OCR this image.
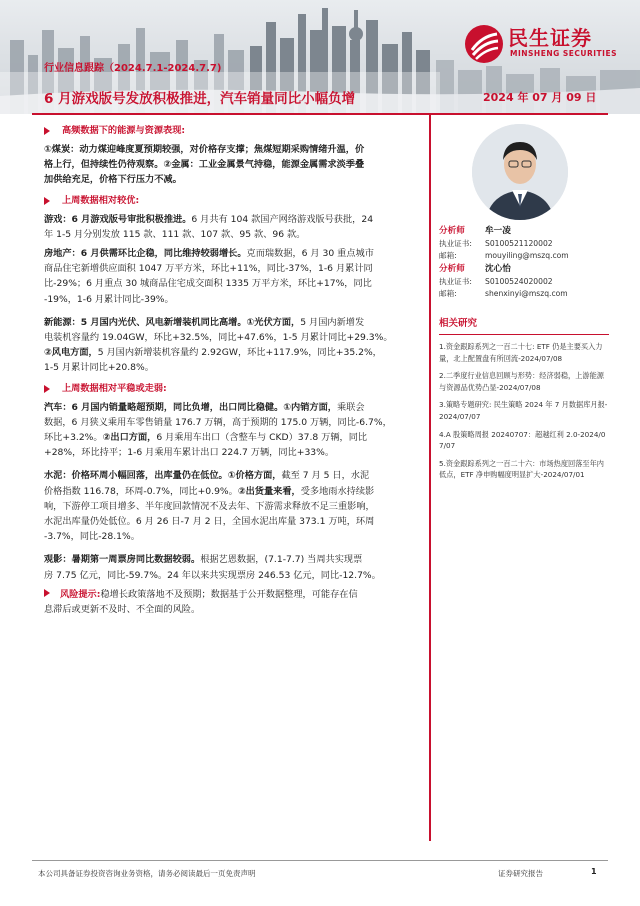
民生证券
MINSHENG SECURITIES
行业信息跟踪（2024.7.1-2024.7.7)
6 月游戏版号发放积极推进，汽车销量同比小幅负增	2024 年 07 月 09 日
高频数据下的能源与资源表现:
①煤炭：动力煤迎峰度夏预期较强，对价格存支撑；焦煤短期采购情绪升温，价
格上行，但持续性仍待观察。②金属：工业金属景气持稳，能源金属需求淡季叠
加供给充足，价格下行压力不减。
上周数据相对较优:
游戏：6 月游戏版号审批积极推进。6 月共有 104 款国产网络游戏版号获批，24
年 1-5 月分别发放 115 款、111 款、107 款、95 款、96 款。
房地产：6 月供需环比企稳，同比维持较弱增长。克而瑞数据，6 月 30 重点城市
商品住宅新增供应面积 1047 万平方米，环比+11%，同比-37%，1-6 月累计同
比-29%；6 月重点 30 城商品住宅成交面积 1335 万平方米，环比+17%，同比
-19%，1-6 月累计同比-39%。
新能源：5 月国内光伏、风电新增装机同比高增。①光伏方面，5 月国内新增发
电装机容量约 19.04GW，环比+32.5%，同比+47.6%，1-5 月累计同比+29.3%。
②风电方面，5 月国内新增装机容量约 2.92GW，环比+117.9%，同比+35.2%，
1-5 月累计同比+20.8%。
上周数据相对平稳或走弱:
汽车：6 月国内销量略超预期，同比负增，出口同比稳健。①内销方面，乘联会
数据，6 月狭义乘用车零售销量 176.7 万辆，高于预期的 175.0 万辆，同比-6.7%，
环比+3.2%。②出口方面，6 月乘用车出口（含整车与 CKD）37.8 万辆，同比
+28%，环比持平；1-6 月乘用车累计出口 224.7 万辆，同比+33%。
水泥：价格环周小幅回落，出库量仍在低位。①价格方面，截至 7 月 5 日，水泥
价格指数 116.78，环周-0.7%，同比+0.9%。②出货量来看，受多地雨水持续影
响，下游停工项目增多、半年度回款情况不及去年、下游需求释放不足三重影响，
水泥出库量仍处低位。6 月 26 日-7 月 2 日，全国水泥出库量 373.1 万吨，环周
-3.7%，同比-28.1%。
观影：暑期第一周票房同比数据较弱。根据艺恩数据，(7.1-7.7) 当周共实现票
房 7.75 亿元，同比-59.7%。24 年以来共实现票房 246.53 亿元，同比-12.7%。
风险提示:稳增长政策落地不及预期；数据基于公开数据整理，可能存在信
息滞后或更新不及时、不全面的风险。
分析师	牟一凌
执业证书:	S0100521120002
邮箱:	mouyiling@mszq.com
分析师	沈心怡
执业证书:	S0100524020002
邮箱:	shenxinyi@mszq.com
相关研究
1.资金跟踪系列之一百二十七: ETF 仍是主要买入力量，北上配置盘有所回流-2024/07/08
2.二季度行业信息回顾与形势：经济弱稳，上游能源与资源品优势凸显-2024/07/08
3.策略专题研究: 民生策略 2024 年 7 月数据库月报-2024/07/07
4.A 股策略周报 20240707：超越红利 2.0-2024/07/07
5.资金跟踪系列之一百二十六：市场热度回落至年内低点，ETF 净申购幅度明显扩大-2024/07/01
本公司具备证券投资咨询业务资格，请务必阅读最后一页免责声明	证券研究报告	1
